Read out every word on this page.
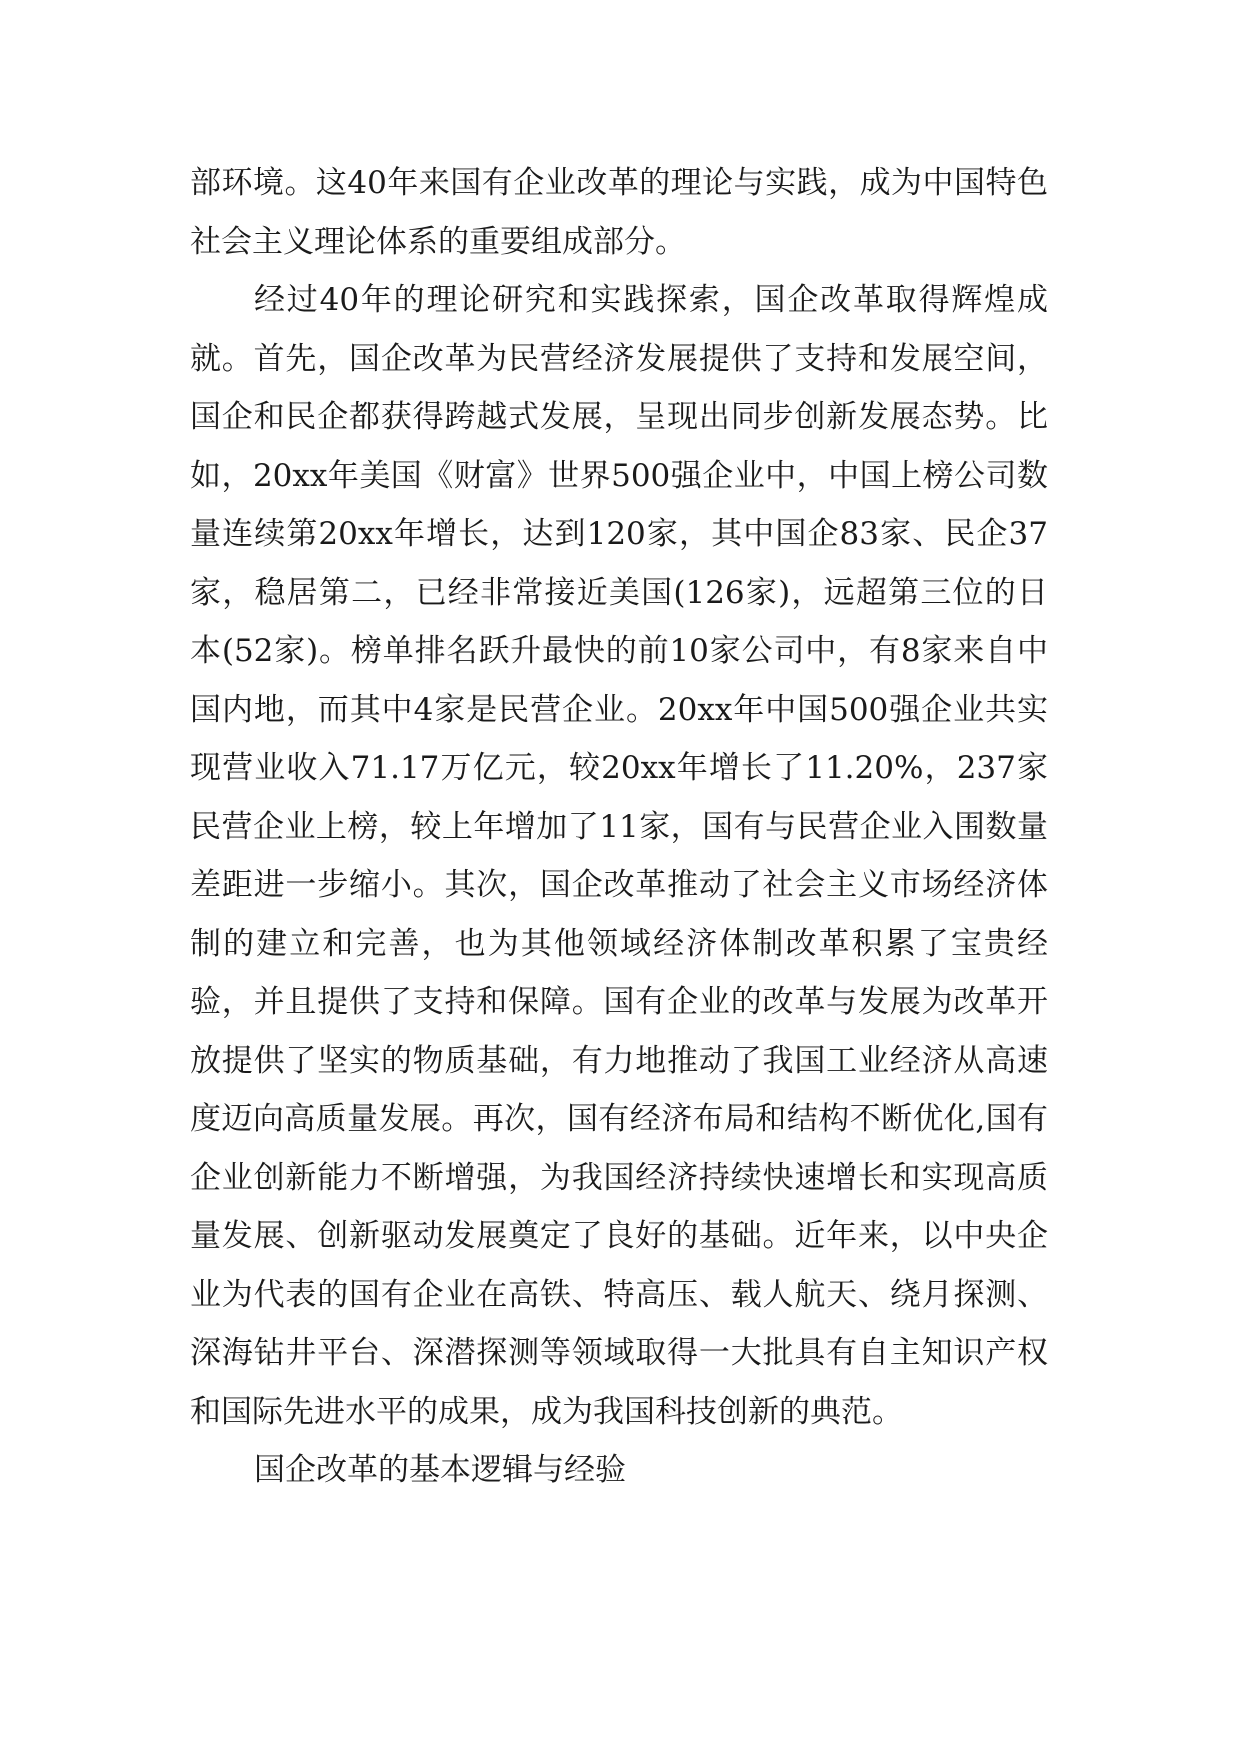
部环境。这40年来国有企业改革的理论与实践，成为中国特色社会主义理论体系的重要组成部分。

经过40年的理论研究和实践探索，国企改革取得辉煌成就。首先，国企改革为民营经济发展提供了支持和发展空间，国企和民企都获得跨越式发展，呈现出同步创新发展态势。比如，20xx年美国《财富》世界500强企业中，中国上榜公司数量连续第20xx年增长，达到120家，其中国企83家、民企37家，稳居第二，已经非常接近美国(126家)，远超第三位的日本(52家)。榜单排名跃升最快的前10家公司中，有8家来自中国内地，而其中4家是民营企业。20xx年中国500强企业共实现营业收入71.17万亿元，较20xx年增长了11.20%，237家民营企业上榜，较上年增加了11家，国有与民营企业入围数量差距进一步缩小。其次，国企改革推动了社会主义市场经济体制的建立和完善，也为其他领域经济体制改革积累了宝贵经验，并且提供了支持和保障。国有企业的改革与发展为改革开放提供了坚实的物质基础，有力地推动了我国工业经济从高速度迈向高质量发展。再次，国有经济布局和结构不断优化,国有企业创新能力不断增强，为我国经济持续快速增长和实现高质量发展、创新驱动发展奠定了良好的基础。近年来，以中央企业为代表的国有企业在高铁、特高压、载人航天、绕月探测、深海钻井平台、深潜探测等领域取得一大批具有自主知识产权和国际先进水平的成果，成为我国科技创新的典范。

国企改革的基本逻辑与经验
